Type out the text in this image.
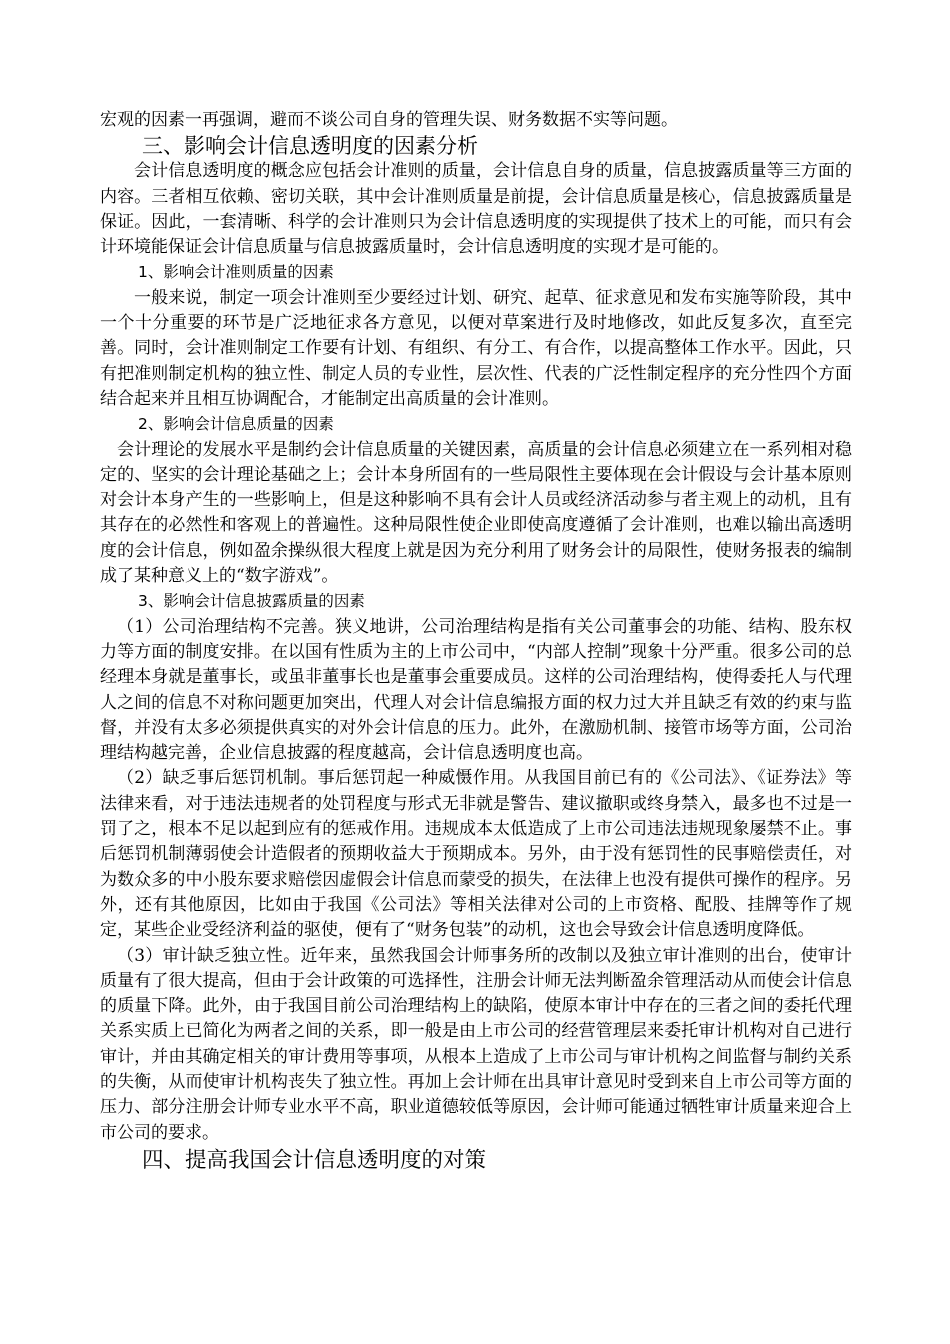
宏观的因素一再强调，避而不谈公司自身的管理失误、财务数据不实等问题。

三、影响会计信息透明度的因素分析

会计信息透明度的概念应包括会计准则的质量，会计信息自身的质量，信息披露质量等三方面的内容。三者相互依赖、密切关联，其中会计准则质量是前提，会计信息质量是核心，信息披露质量是保证。因此，一套清晰、科学的会计准则只为会计信息透明度的实现提供了技术上的可能，而只有会计环境能保证会计信息质量与信息披露质量时，会计信息透明度的实现才是可能的。

1、影响会计准则质量的因素

一般来说，制定一项会计准则至少要经过计划、研究、起草、征求意见和发布实施等阶段，其中一个十分重要的环节是广泛地征求各方意见，以便对草案进行及时地修改，如此反复多次，直至完善。同时，会计准则制定工作要有计划、有组织、有分工、有合作，以提高整体工作水平。因此，只有把准则制定机构的独立性、制定人员的专业性，层次性、代表的广泛性制定程序的充分性四个方面结合起来并且相互协调配合，才能制定出高质量的会计准则。

2、影响会计信息质量的因素

会计理论的发展水平是制约会计信息质量的关键因素，高质量的会计信息必须建立在一系列相对稳定的、坚实的会计理论基础之上；会计本身所固有的一些局限性主要体现在会计假设与会计基本原则对会计本身产生的一些影响上，但是这种影响不具有会计人员或经济活动参与者主观上的动机，且有其存在的必然性和客观上的普遍性。这种局限性使企业即使高度遵循了会计准则，也难以输出高透明度的会计信息，例如盈余操纵很大程度上就是因为充分利用了财务会计的局限性，使财务报表的编制成了某种意义上的“数字游戏”。

3、影响会计信息披露质量的因素

（1）公司治理结构不完善。狭义地讲，公司治理结构是指有关公司董事会的功能、结构、股东权力等方面的制度安排。在以国有性质为主的上市公司中，“内部人控制”现象十分严重。很多公司的总经理本身就是董事长，或虽非董事长也是董事会重要成员。这样的公司治理结构，使得委托人与代理人之间的信息不对称问题更加突出，代理人对会计信息编报方面的权力过大并且缺乏有效的约束与监督，并没有太多必须提供真实的对外会计信息的压力。此外，在激励机制、接管市场等方面，公司治理结构越完善，企业信息披露的程度越高，会计信息透明度也高。

（2）缺乏事后惩罚机制。事后惩罚起一种威慑作用。从我国目前已有的《公司法》、《证券法》等法律来看，对于违法违规者的处罚程度与形式无非就是警告、建议撤职或终身禁入，最多也不过是一罚了之，根本不足以起到应有的惩戒作用。违规成本太低造成了上市公司违法违规现象屡禁不止。事后惩罚机制薄弱使会计造假者的预期收益大于预期成本。另外，由于没有惩罚性的民事赔偿责任，对为数众多的中小股东要求赔偿因虚假会计信息而蒙受的损失，在法律上也没有提供可操作的程序。另外，还有其他原因，比如由于我国《公司法》等相关法律对公司的上市资格、配股、挂牌等作了规定，某些企业受经济利益的驱使，便有了“财务包装”的动机，这也会导致会计信息透明度降低。

（3）审计缺乏独立性。近年来，虽然我国会计师事务所的改制以及独立审计准则的出台，使审计质量有了很大提高，但由于会计政策的可选择性，注册会计师无法判断盈余管理活动从而使会计信息的质量下降。此外，由于我国目前公司治理结构上的缺陷，使原本审计中存在的三者之间的委托代理关系实质上已简化为两者之间的关系，即一般是由上市公司的经营管理层来委托审计机构对自己进行审计，并由其确定相关的审计费用等事项，从根本上造成了上市公司与审计机构之间监督与制约关系的失衡，从而使审计机构丧失了独立性。再加上会计师在出具审计意见时受到来自上市公司等方面的压力、部分注册会计师专业水平不高，职业道德较低等原因，会计师可能通过牺牲审计质量来迎合上市公司的要求。

四、提高我国会计信息透明度的对策
